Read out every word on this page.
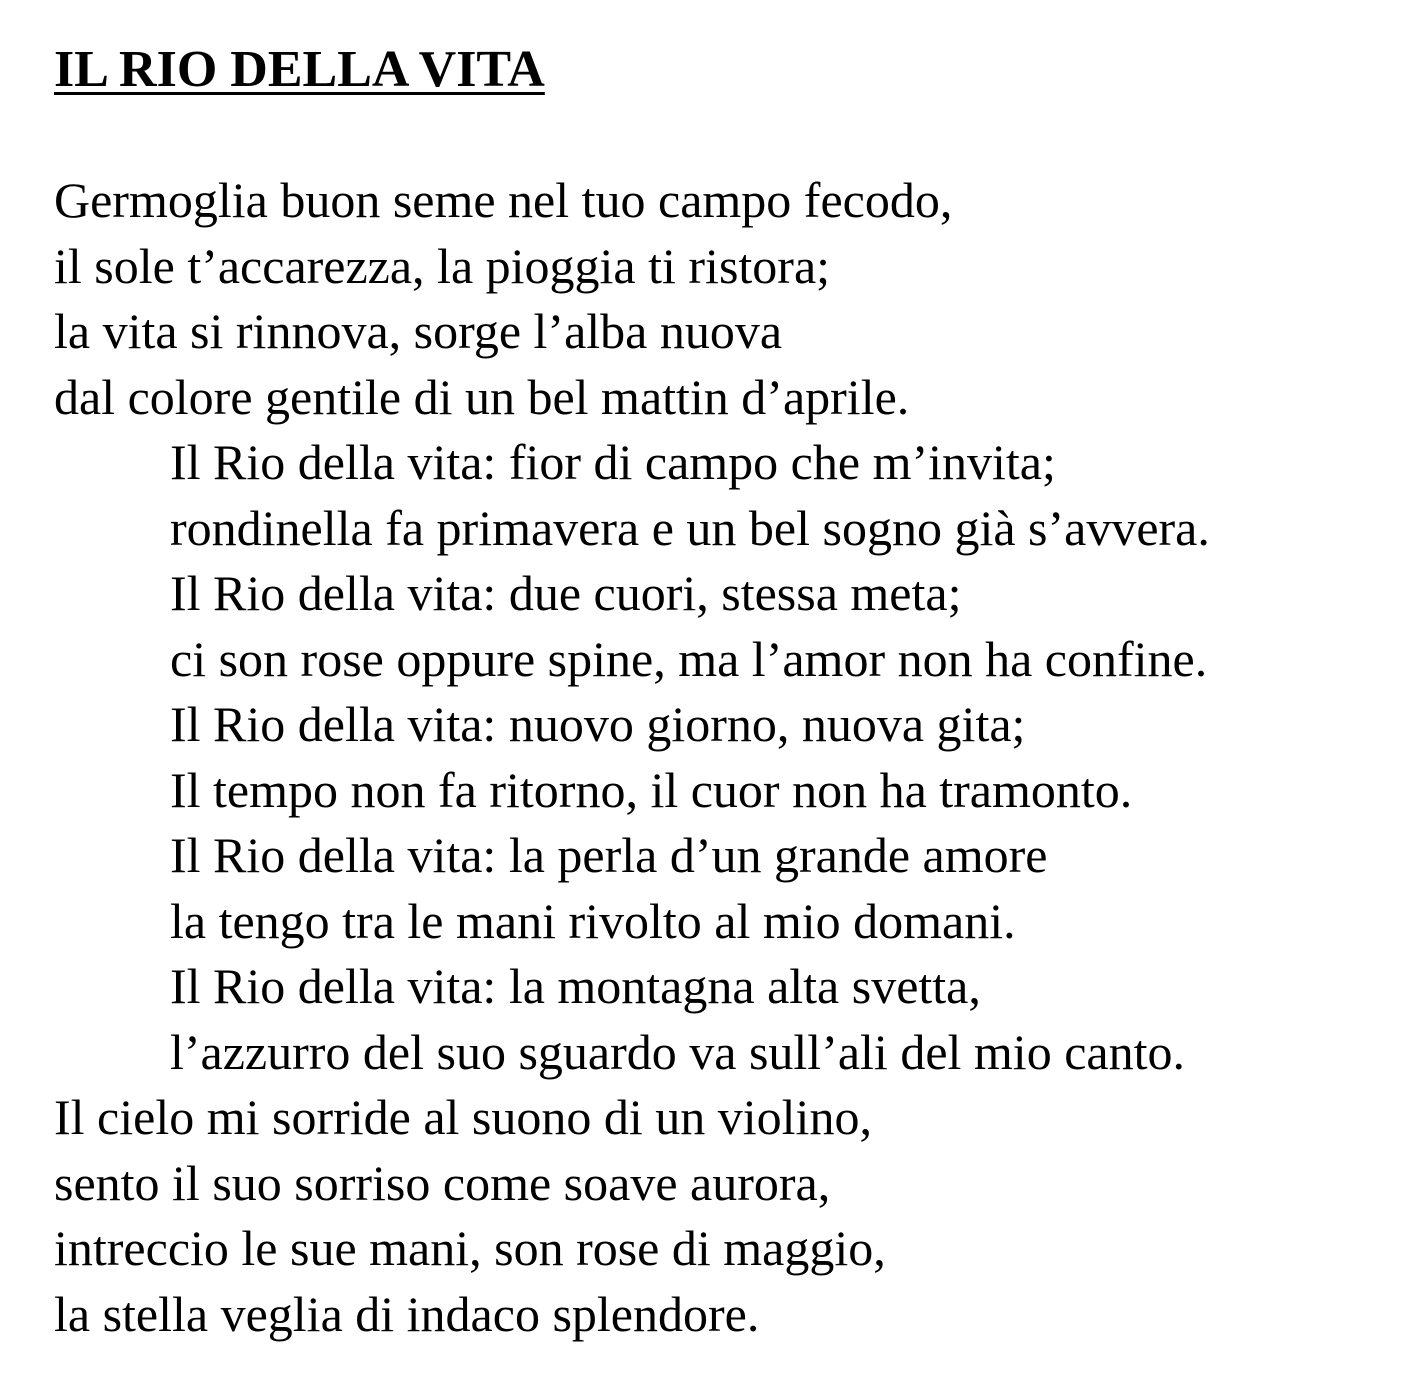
IL RIO DELLA VITA
Germoglia buon seme nel tuo campo fecodo,
il sole t’accarezza, la pioggia ti ristora;
la vita si rinnova, sorge l’alba nuova
dal colore gentile di un bel mattin d’aprile.
Il Rio della vita: fior di campo che m’invita;
rondinella fa primavera e un bel sogno già s’avvera.
Il Rio della vita: due cuori, stessa meta;
ci son rose oppure spine, ma l’amor non ha confine.
Il Rio della vita: nuovo giorno, nuova gita;
Il tempo non fa ritorno, il cuor non ha tramonto.
Il Rio della vita: la perla d’un grande amore
la tengo tra le mani rivolto al mio domani.
Il Rio della vita: la montagna alta svetta,
l’azzurro del suo sguardo va sull’ali del mio canto.
Il cielo mi sorride al suono di un violino,
sento il suo sorriso come soave aurora,
intreccio le sue mani, son rose di maggio,
la stella veglia di indaco splendore.
